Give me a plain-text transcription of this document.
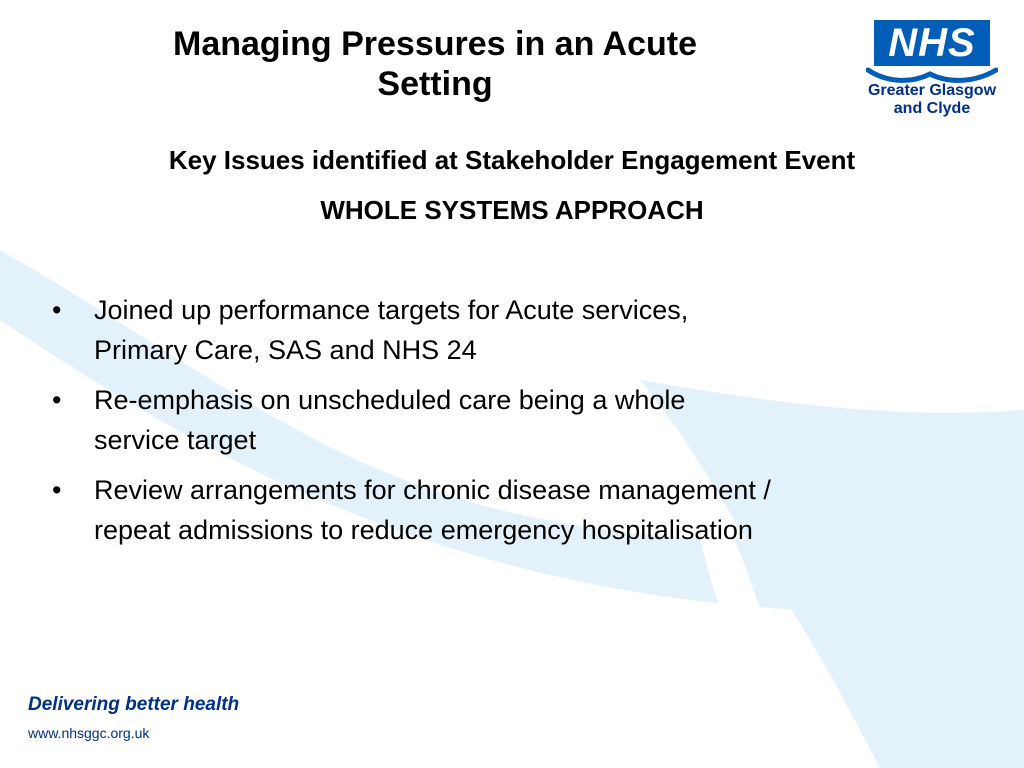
Managing Pressures in an Acute
Setting
NHS
Greater Glasgow
and Clyde

Key Issues identified at Stakeholder Engagement Event

WHOLE SYSTEMS APPROACH

• Joined up performance targets for Acute services,
Primary Care, SAS and NHS 24
• Re-emphasis on unscheduled care being a whole
service target
• Review arrangements for chronic disease management /
repeat admissions to reduce emergency hospitalisation
Delivering better health
www.nhsggc.org.uk
